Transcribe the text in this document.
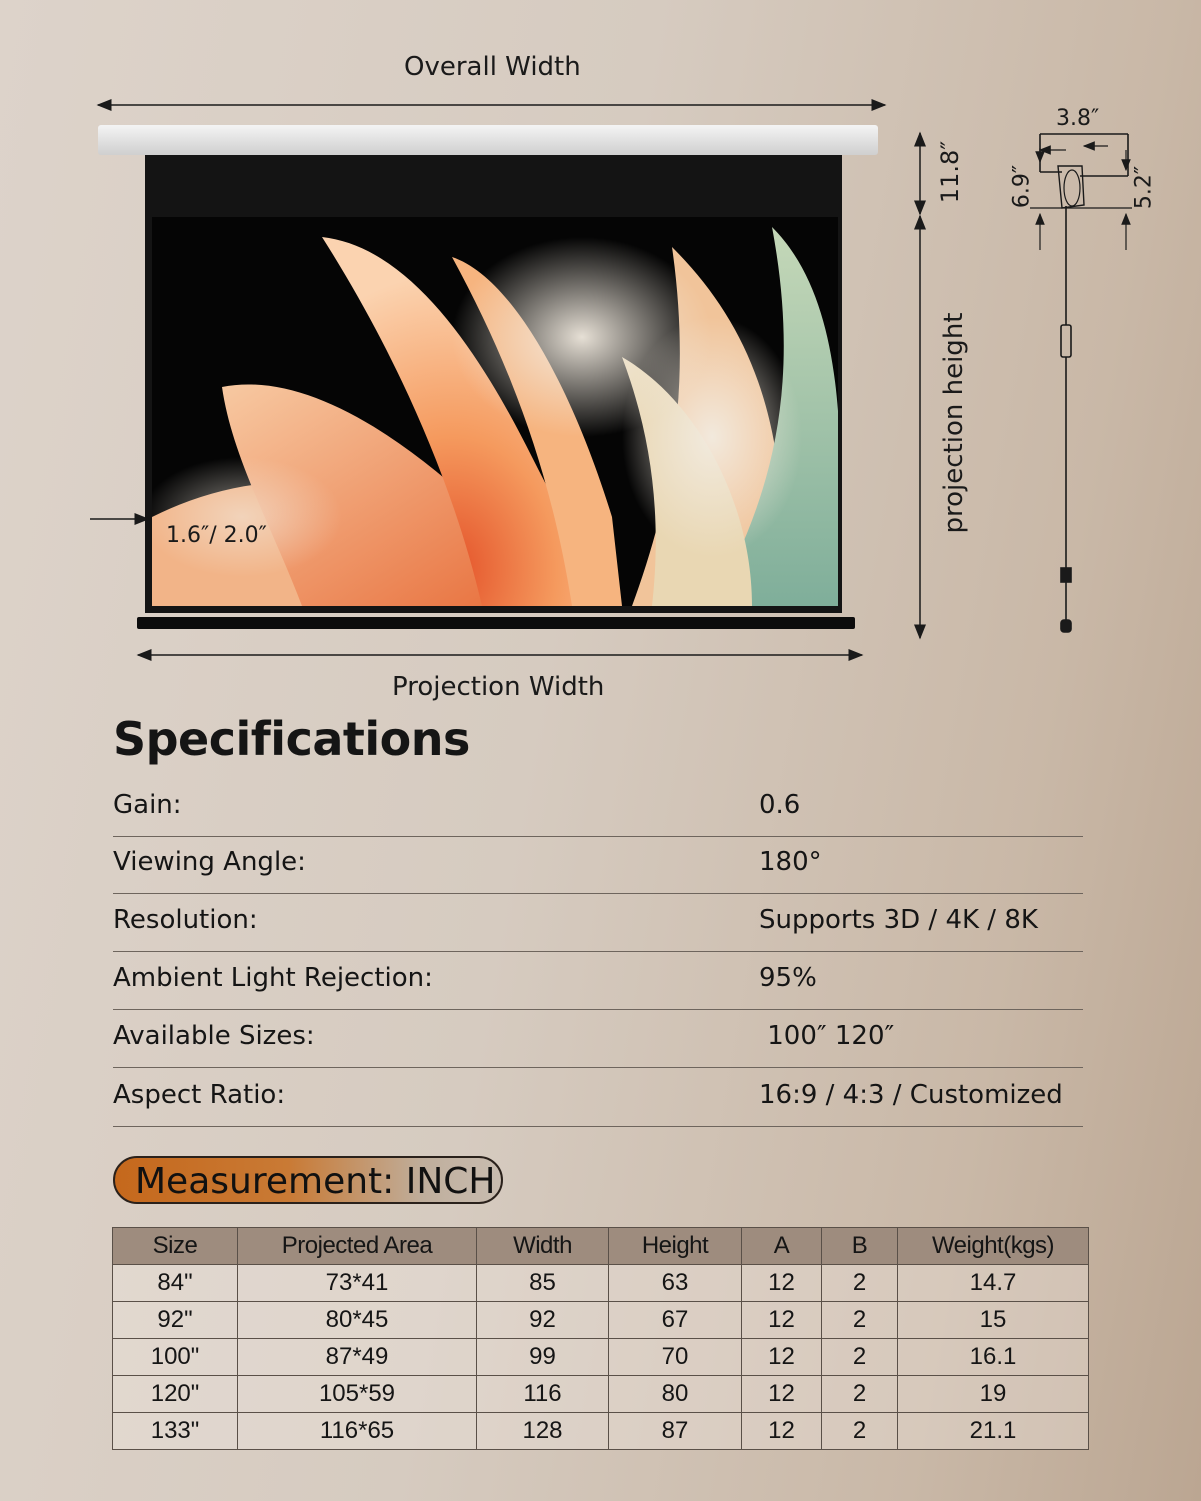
Overall Width
1.6″/ 2.0″
Projection Width
11.8″
projection height
3.8″
6.9″	5.2″
Specifications
Gain:	0.6
Viewing Angle:	180°
Resolution:	Supports 3D / 4K / 8K
Ambient Light Rejection:	95%
Available Sizes:	100″ 120″
Aspect Ratio:	16:9 / 4:3 / Customized
Measurement: INCH
Size	Projected Area	Width	Height	A	B	Weight(kgs)
84"	73*41	85	63	12	2	14.7
92"	80*45	92	67	12	2	15
100"	87*49	99	70	12	2	16.1
120"	105*59	116	80	12	2	19
133"	116*65	128	87	12	2	21.1
